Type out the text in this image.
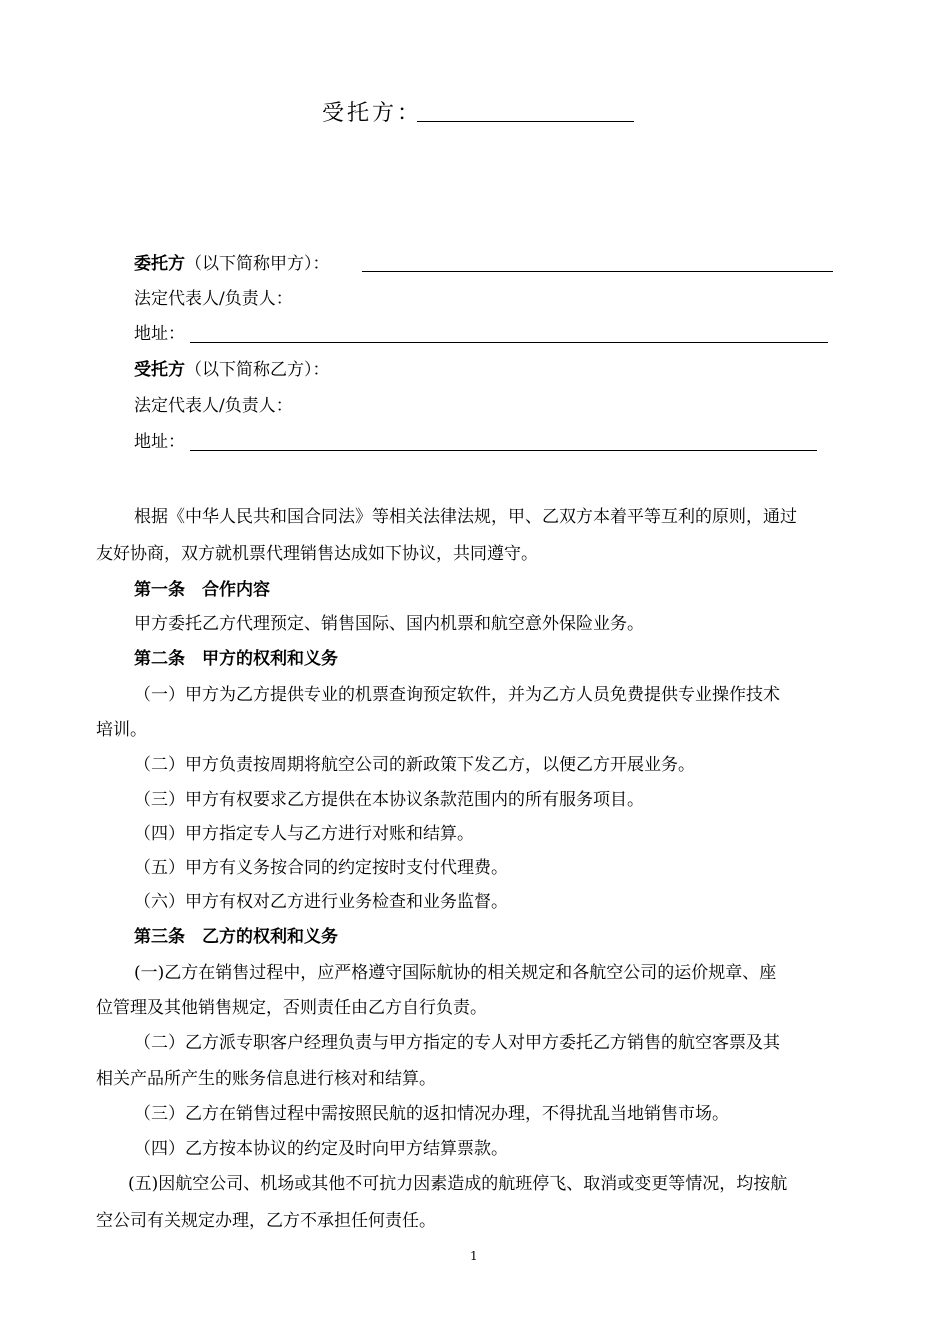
受托方：
委托方（以下简称甲方）：
法定代表人/负责人：
地址：
受托方（以下简称乙方）：
法定代表人/负责人：
地址：
根据《中华人民共和国合同法》等相关法律法规，甲、乙双方本着平等互利的原则，通过
友好协商，双方就机票代理销售达成如下协议，共同遵守。
第一条　合作内容
甲方委托乙方代理预定、销售国际、国内机票和航空意外保险业务。
第二条　甲方的权利和义务
（一）甲方为乙方提供专业的机票查询预定软件，并为乙方人员免费提供专业操作技术
培训。
（二）甲方负责按周期将航空公司的新政策下发乙方，以便乙方开展业务。
（三）甲方有权要求乙方提供在本协议条款范围内的所有服务项目。
（四）甲方指定专人与乙方进行对账和结算。
（五）甲方有义务按合同的约定按时支付代理费。
（六）甲方有权对乙方进行业务检查和业务监督。
第三条　乙方的权利和义务
(一)乙方在销售过程中，应严格遵守国际航协的相关规定和各航空公司的运价规章、座
位管理及其他销售规定，否则责任由乙方自行负责。
（二）乙方派专职客户经理负责与甲方指定的专人对甲方委托乙方销售的航空客票及其
相关产品所产生的账务信息进行核对和结算。
（三）乙方在销售过程中需按照民航的返扣情况办理，不得扰乱当地销售市场。
（四）乙方按本协议的约定及时向甲方结算票款。
(五)因航空公司、机场或其他不可抗力因素造成的航班停飞、取消或变更等情况，均按航
空公司有关规定办理，乙方不承担任何责任。
1
